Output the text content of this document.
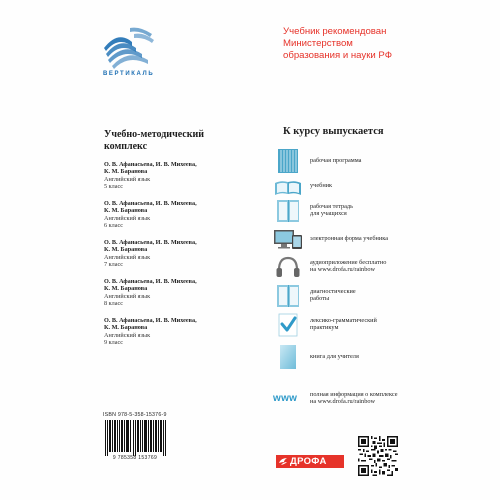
ВЕРТИКАЛЬ
Учебник рекомендован
Министерством
образования и науки РФ
Учебно-методический
комплекс
О. В. Афанасьева, И. В. Михеева,
К. М. Баранова
Английский язык
5 класс
О. В. Афанасьева, И. В. Михеева,
К. М. Баранова
Английский язык
6 класс
О. В. Афанасьева, И. В. Михеева,
К. М. Баранова
Английский язык
7 класс
О. В. Афанасьева, И. В. Михеева,
К. М. Баранова
Английский язык
8 класс
О. В. Афанасьева, И. В. Михеева,
К. М. Баранова
Английский язык
9 класс
К курсу выпускается
рабочая программа
учебник
рабочая тетрадь
для учащихся
электронная форма учебника
аудиоприложение бесплатно
на www.drofa.ru/rainbow
диагностические
работы
лексико-грамматический
практикум
книга для учителя
www	полная информация о комплексе
на www.drofa.ru/rainbow
ISBN 978-5-358-15376-9
9 785358 153769	ДРОФА
